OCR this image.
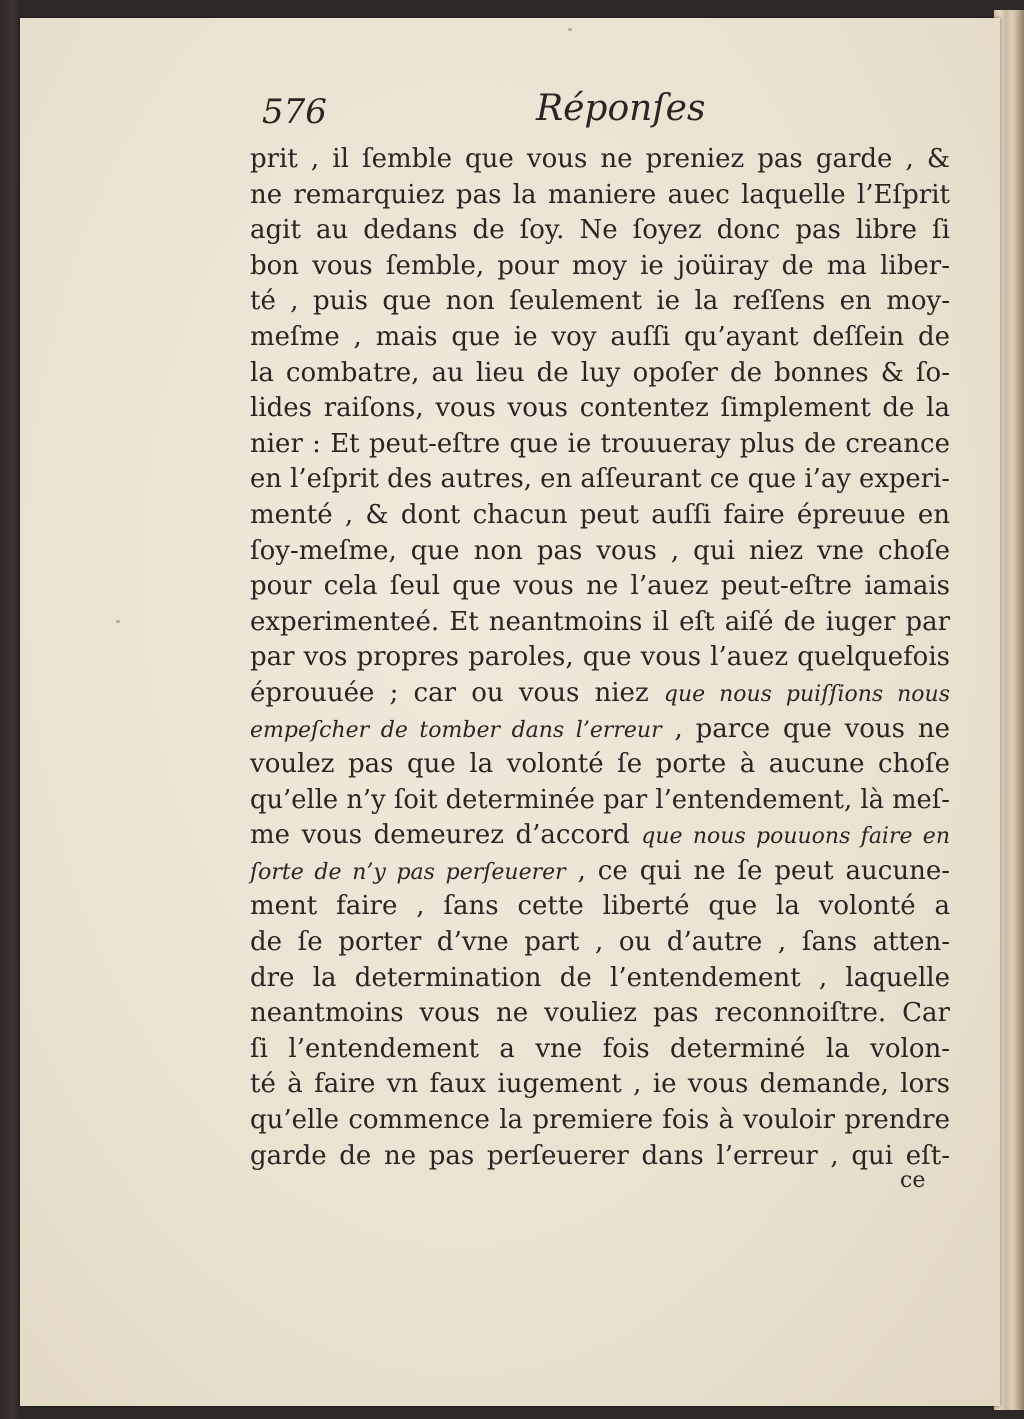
576	Réponſes
prit , il ſemble que vous ne preniez pas garde , &
ne remarquiez pas la maniere auec laquelle l’Eſprit
agit au dedans de ſoy. Ne ſoyez donc pas libre ſi
bon vous ſemble, pour moy ie joüiray de ma liber-
té , puis que non ſeulement ie la reſſens en moy-
meſme , mais que ie voy auſſi qu’ayant deſſein de
la combatre, au lieu de luy opoſer de bonnes & ſo-
lides raiſons, vous vous contentez ſimplement de la
nier : Et peut-eſtre que ie trouueray plus de creance
en l’eſprit des autres, en aſſeurant ce que i’ay experi-
menté , & dont chacun peut auſſi faire épreuue en
ſoy-meſme, que non pas vous , qui niez vne choſe
pour cela ſeul que vous ne l’auez peut-eſtre iamais
experimenteé. Et neantmoins il eſt aiſé de iuger par
par vos propres paroles, que vous l’auez quelquefois
éprouuée ; car ou vous niez que nous puiſſions nous
empeſcher de tomber dans l’erreur , parce que vous ne
voulez pas que la volonté ſe porte à aucune choſe
qu’elle n’y ſoit determinée par l’entendement, là meſ-
me vous demeurez d’accord que nous pouuons faire en
ſorte de n’y pas perſeuerer , ce qui ne ſe peut aucune-
ment faire , ſans cette liberté que la volonté a
de ſe porter d’vne part , ou d’autre , ſans atten-
dre la determination de l’entendement , laquelle
neantmoins vous ne vouliez pas reconnoiſtre. Car
ſi l’entendement a vne fois determiné la volon-
té à faire vn faux iugement , ie vous demande, lors
qu’elle commence la premiere fois à vouloir prendre
garde de ne pas perſeuerer dans l’erreur , qui eſt-
ce
